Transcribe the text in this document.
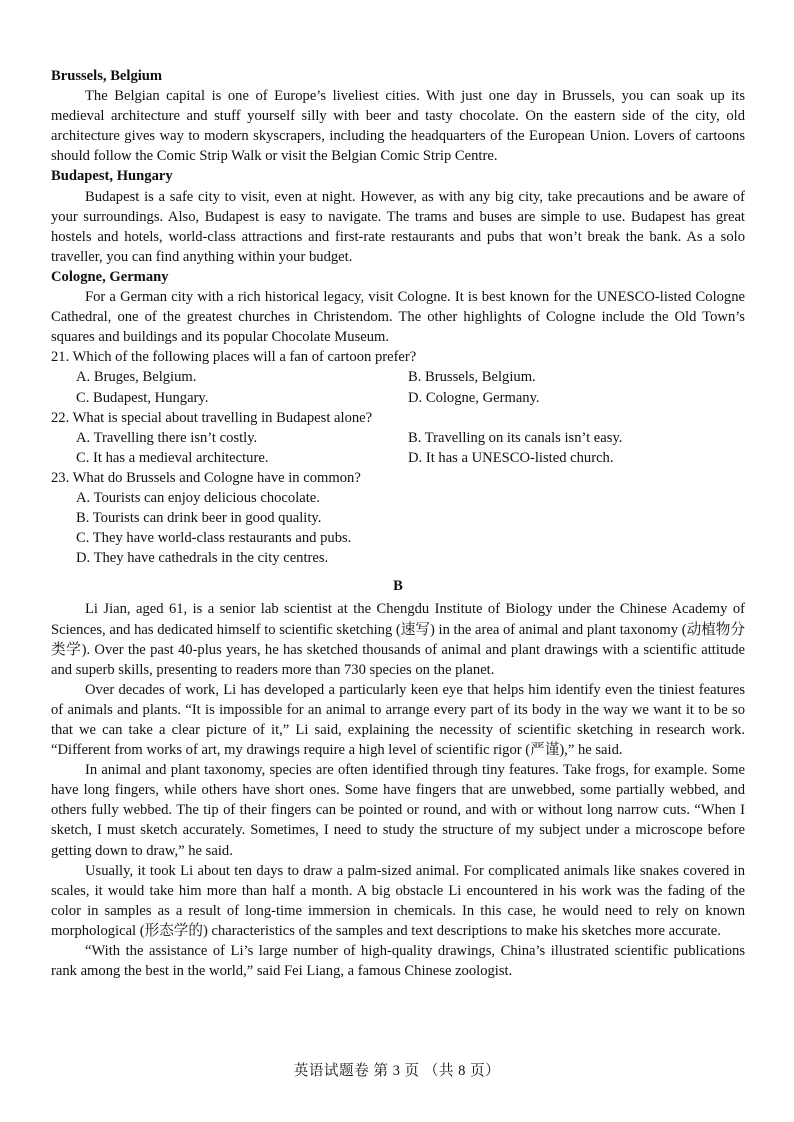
Brussels, Belgium

The Belgian capital is one of Europe’s liveliest cities. With just one day in Brussels, you can soak up its medieval architecture and stuff yourself silly with beer and tasty chocolate. On the eastern side of the city, old architecture gives way to modern skyscrapers, including the headquarters of the European Union. Lovers of cartoons should follow the Comic Strip Walk or visit the Belgian Comic Strip Centre.

Budapest, Hungary

Budapest is a safe city to visit, even at night. However, as with any big city, take precautions and be aware of your surroundings. Also, Budapest is easy to navigate. The trams and buses are simple to use. Budapest has great hostels and hotels, world-class attractions and first-rate restaurants and pubs that won’t break the bank. As a solo traveller, you can find anything within your budget.

Cologne, Germany

For a German city with a rich historical legacy, visit Cologne. It is best known for the UNESCO-listed Cologne Cathedral, one of the greatest churches in Christendom. The other highlights of Cologne include the Old Town’s squares and buildings and its popular Chocolate Museum.

21. Which of the following places will a fan of cartoon prefer?

A. Bruges, Belgium.	B. Brussels, Belgium.
C. Budapest, Hungary.	D. Cologne, Germany.

22. What is special about travelling in Budapest alone?

A. Travelling there isn’t costly.	B. Travelling on its canals isn’t easy.
C. It has a medieval architecture.	D. It has a UNESCO-listed church.

23. What do Brussels and Cologne have in common?

A. Tourists can enjoy delicious chocolate.
B. Tourists can drink beer in good quality.
C. They have world-class restaurants and pubs.
D. They have cathedrals in the city centres.

B

Li Jian, aged 61, is a senior lab scientist at the Chengdu Institute of Biology under the Chinese Academy of Sciences, and has dedicated himself to scientific sketching (速写) in the area of animal and plant taxonomy (动植物分类学). Over the past 40-plus years, he has sketched thousands of animal and plant drawings with a scientific attitude and superb skills, presenting to readers more than 730 species on the planet.

Over decades of work, Li has developed a particularly keen eye that helps him identify even the tiniest features of animals and plants. “It is impossible for an animal to arrange every part of its body in the way we want it to be so that we can take a clear picture of it,” Li said, explaining the necessity of scientific sketching in research work. “Different from works of art, my drawings require a high level of scientific rigor (严谨),” he said.

In animal and plant taxonomy, species are often identified through tiny features. Take frogs, for example. Some have long fingers, while others have short ones. Some have fingers that are unwebbed, some partially webbed, and others fully webbed. The tip of their fingers can be pointed or round, and with or without long narrow cuts. “When I sketch, I must sketch accurately. Sometimes, I need to study the structure of my subject under a microscope before getting down to draw,” he said.

Usually, it took Li about ten days to draw a palm-sized animal. For complicated animals like snakes covered in scales, it would take him more than half a month. A big obstacle Li encountered in his work was the fading of the color in samples as a result of long-time immersion in chemicals. In this case, he would need to rely on known morphological (形态学的) characteristics of the samples and text descriptions to make his sketches more accurate.

“With the assistance of Li’s large number of high-quality drawings, China’s illustrated scientific publications rank among the best in the world,” said Fei Liang, a famous Chinese zoologist.

英语试题卷 第 3 页 （共 8 页）
